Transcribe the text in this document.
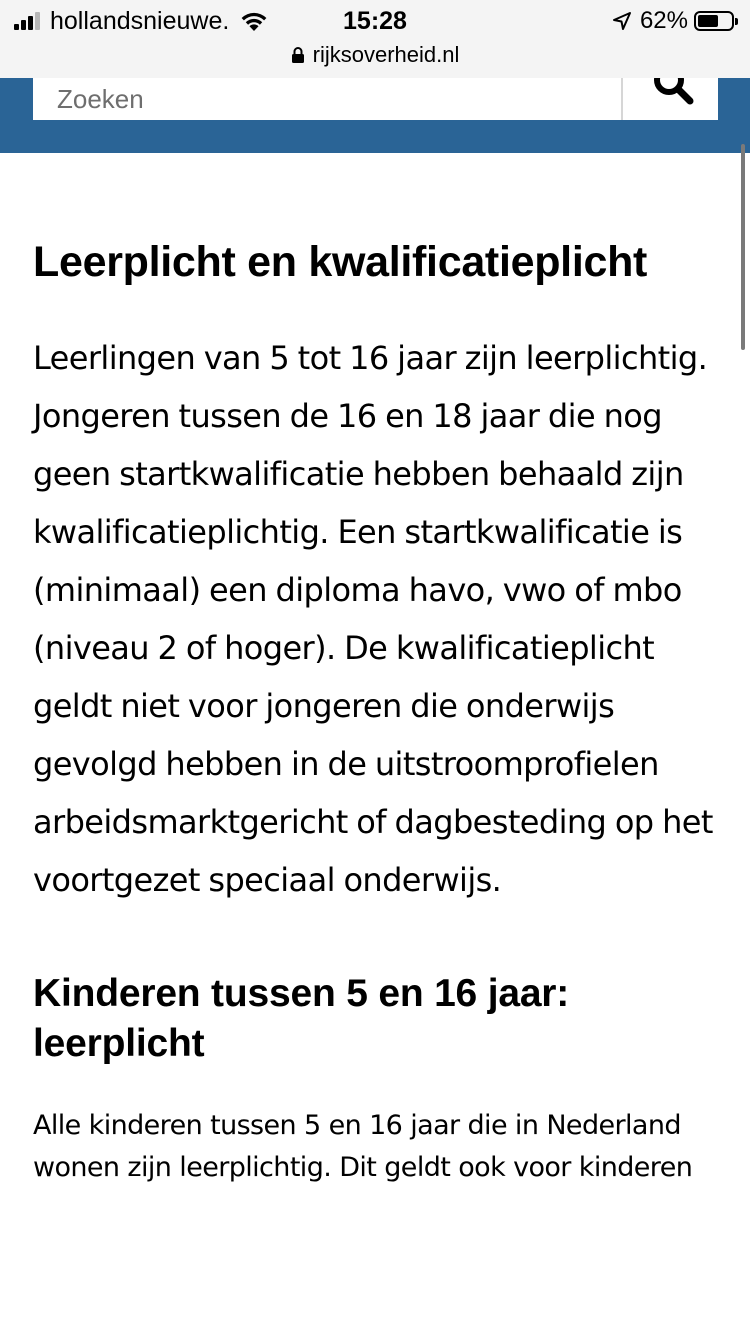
hollandsnieuwe.	15:28	62%
rijksoverheid.nl
Zoeken
Leerplicht en kwalificatieplicht

Leerlingen van 5 tot 16 jaar zijn leerplichtig. Jongeren tussen de 16 en 18 jaar die nog geen startkwalificatie hebben behaald zijn kwalificatieplichtig. Een startkwalificatie is (minimaal) een diploma havo, vwo of mbo (niveau 2 of hoger). De kwalificatieplicht geldt niet voor jongeren die onderwijs gevolgd hebben in de uitstroomprofielen arbeidsmarktgericht of dagbesteding op het voortgezet speciaal onderwijs.

Kinderen tussen 5 en 16 jaar: leerplicht

Alle kinderen tussen 5 en 16 jaar die in Nederland wonen zijn leerplichtig. Dit geldt ook voor kinderen
